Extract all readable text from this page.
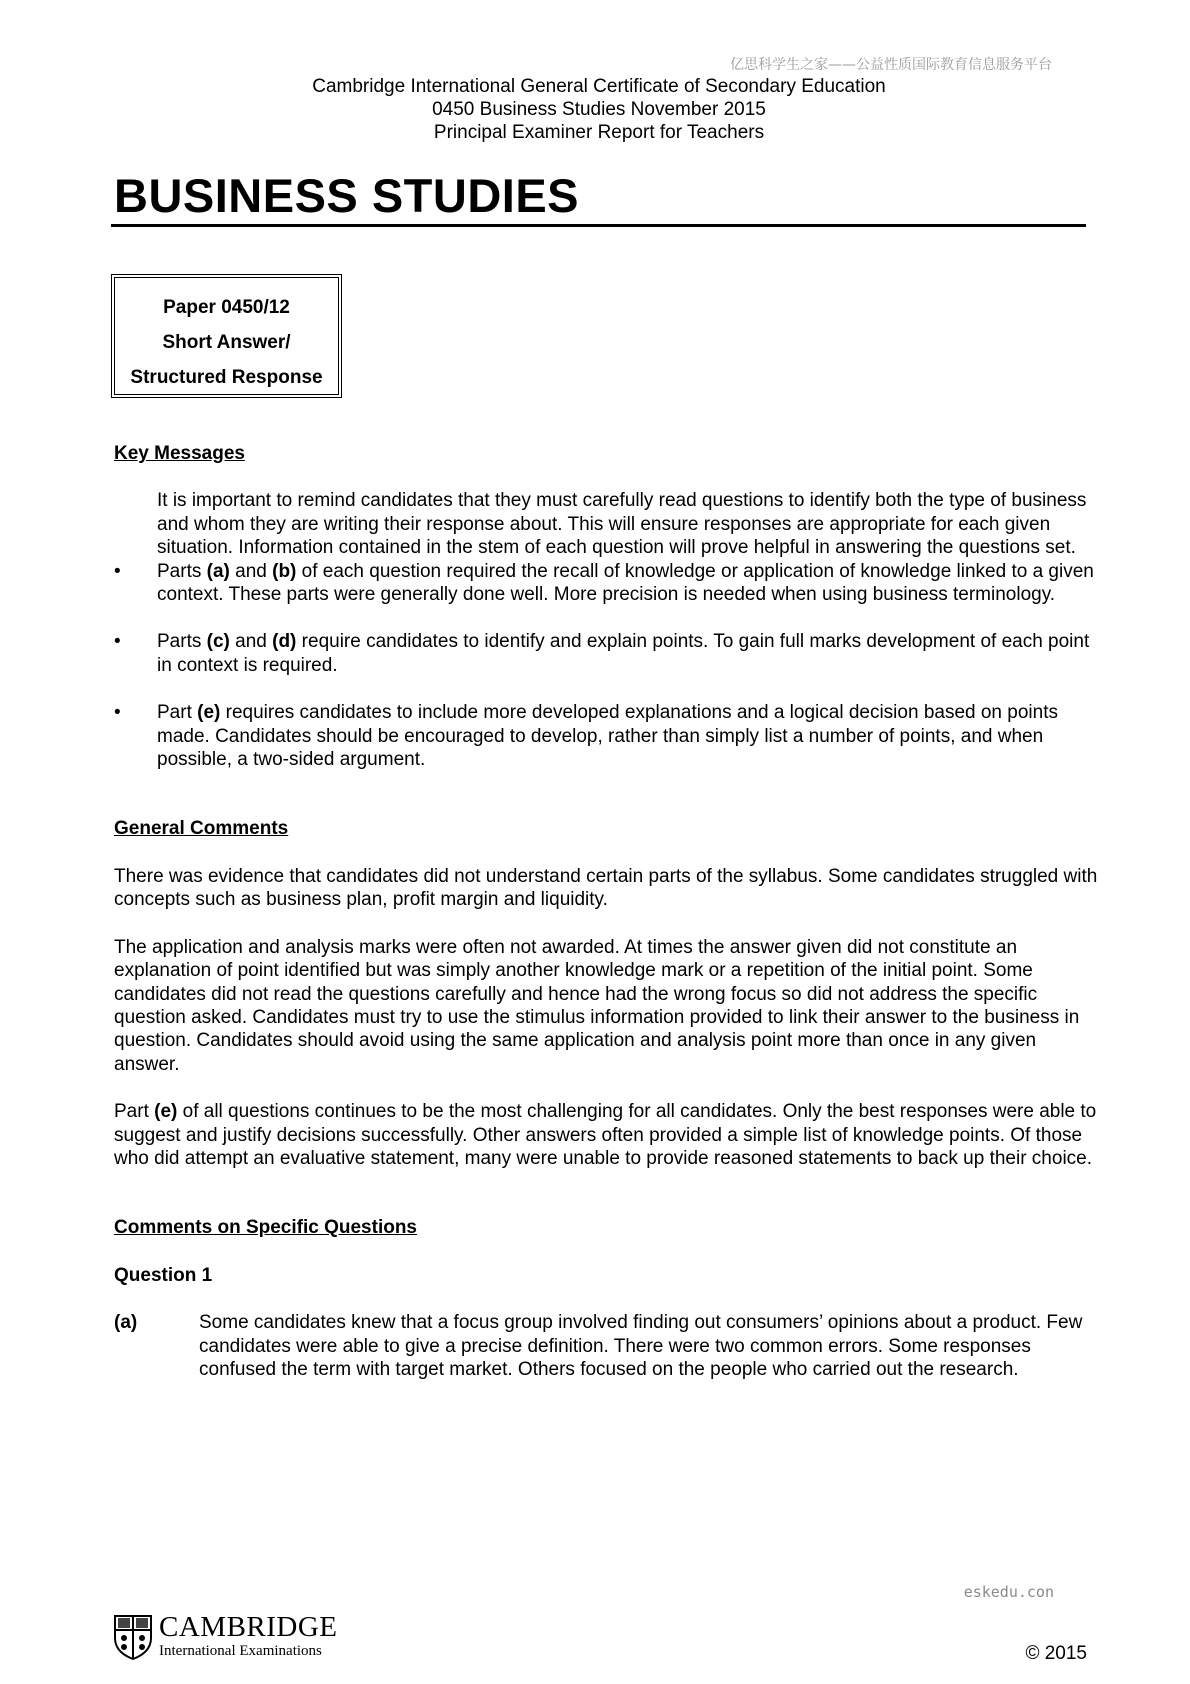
亿思科学生之家——公益性质国际教育信息服务平台
Cambridge International General Certificate of Secondary Education
0450 Business Studies November 2015
Principal Examiner Report for Teachers
BUSINESS STUDIES
Paper 0450/12
Short Answer/
Structured Response

Key Messages

It is important to remind candidates that they must carefully read questions to identify both the type of business and whom they are writing their response about. This will ensure responses are appropriate for each given situation. Information contained in the stem of each question will prove helpful in answering the questions set.

•	Parts (a) and (b) of each question required the recall of knowledge or application of knowledge linked to a given context. These parts were generally done well. More precision is needed when using business terminology.
•	Parts (c) and (d) require candidates to identify and explain points. To gain full marks development of each point in context is required.
•	Part (e) requires candidates to include more developed explanations and a logical decision based on points made. Candidates should be encouraged to develop, rather than simply list a number of points, and when possible, a two-sided argument.

General Comments

There was evidence that candidates did not understand certain parts of the syllabus. Some candidates struggled with concepts such as business plan, profit margin and liquidity.

The application and analysis marks were often not awarded. At times the answer given did not constitute an explanation of point identified but was simply another knowledge mark or a repetition of the initial point. Some candidates did not read the questions carefully and hence had the wrong focus so did not address the specific question asked. Candidates must try to use the stimulus information provided to link their answer to the business in question. Candidates should avoid using the same application and analysis point more than once in any given answer.

Part (e) of all questions continues to be the most challenging for all candidates. Only the best responses were able to suggest and justify decisions successfully. Other answers often provided a simple list of knowledge points. Of those who did attempt an evaluative statement, many were unable to provide reasoned statements to back up their choice.

Comments on Specific Questions

Question 1

(a)	Some candidates knew that a focus group involved finding out consumers’ opinions about a product. Few candidates were able to give a precise definition. There were two common errors. Some responses confused the term with target market. Others focused on the people who carried out the research.
eskedu.con
CAMBRIDGE
International Examinations	© 2015
